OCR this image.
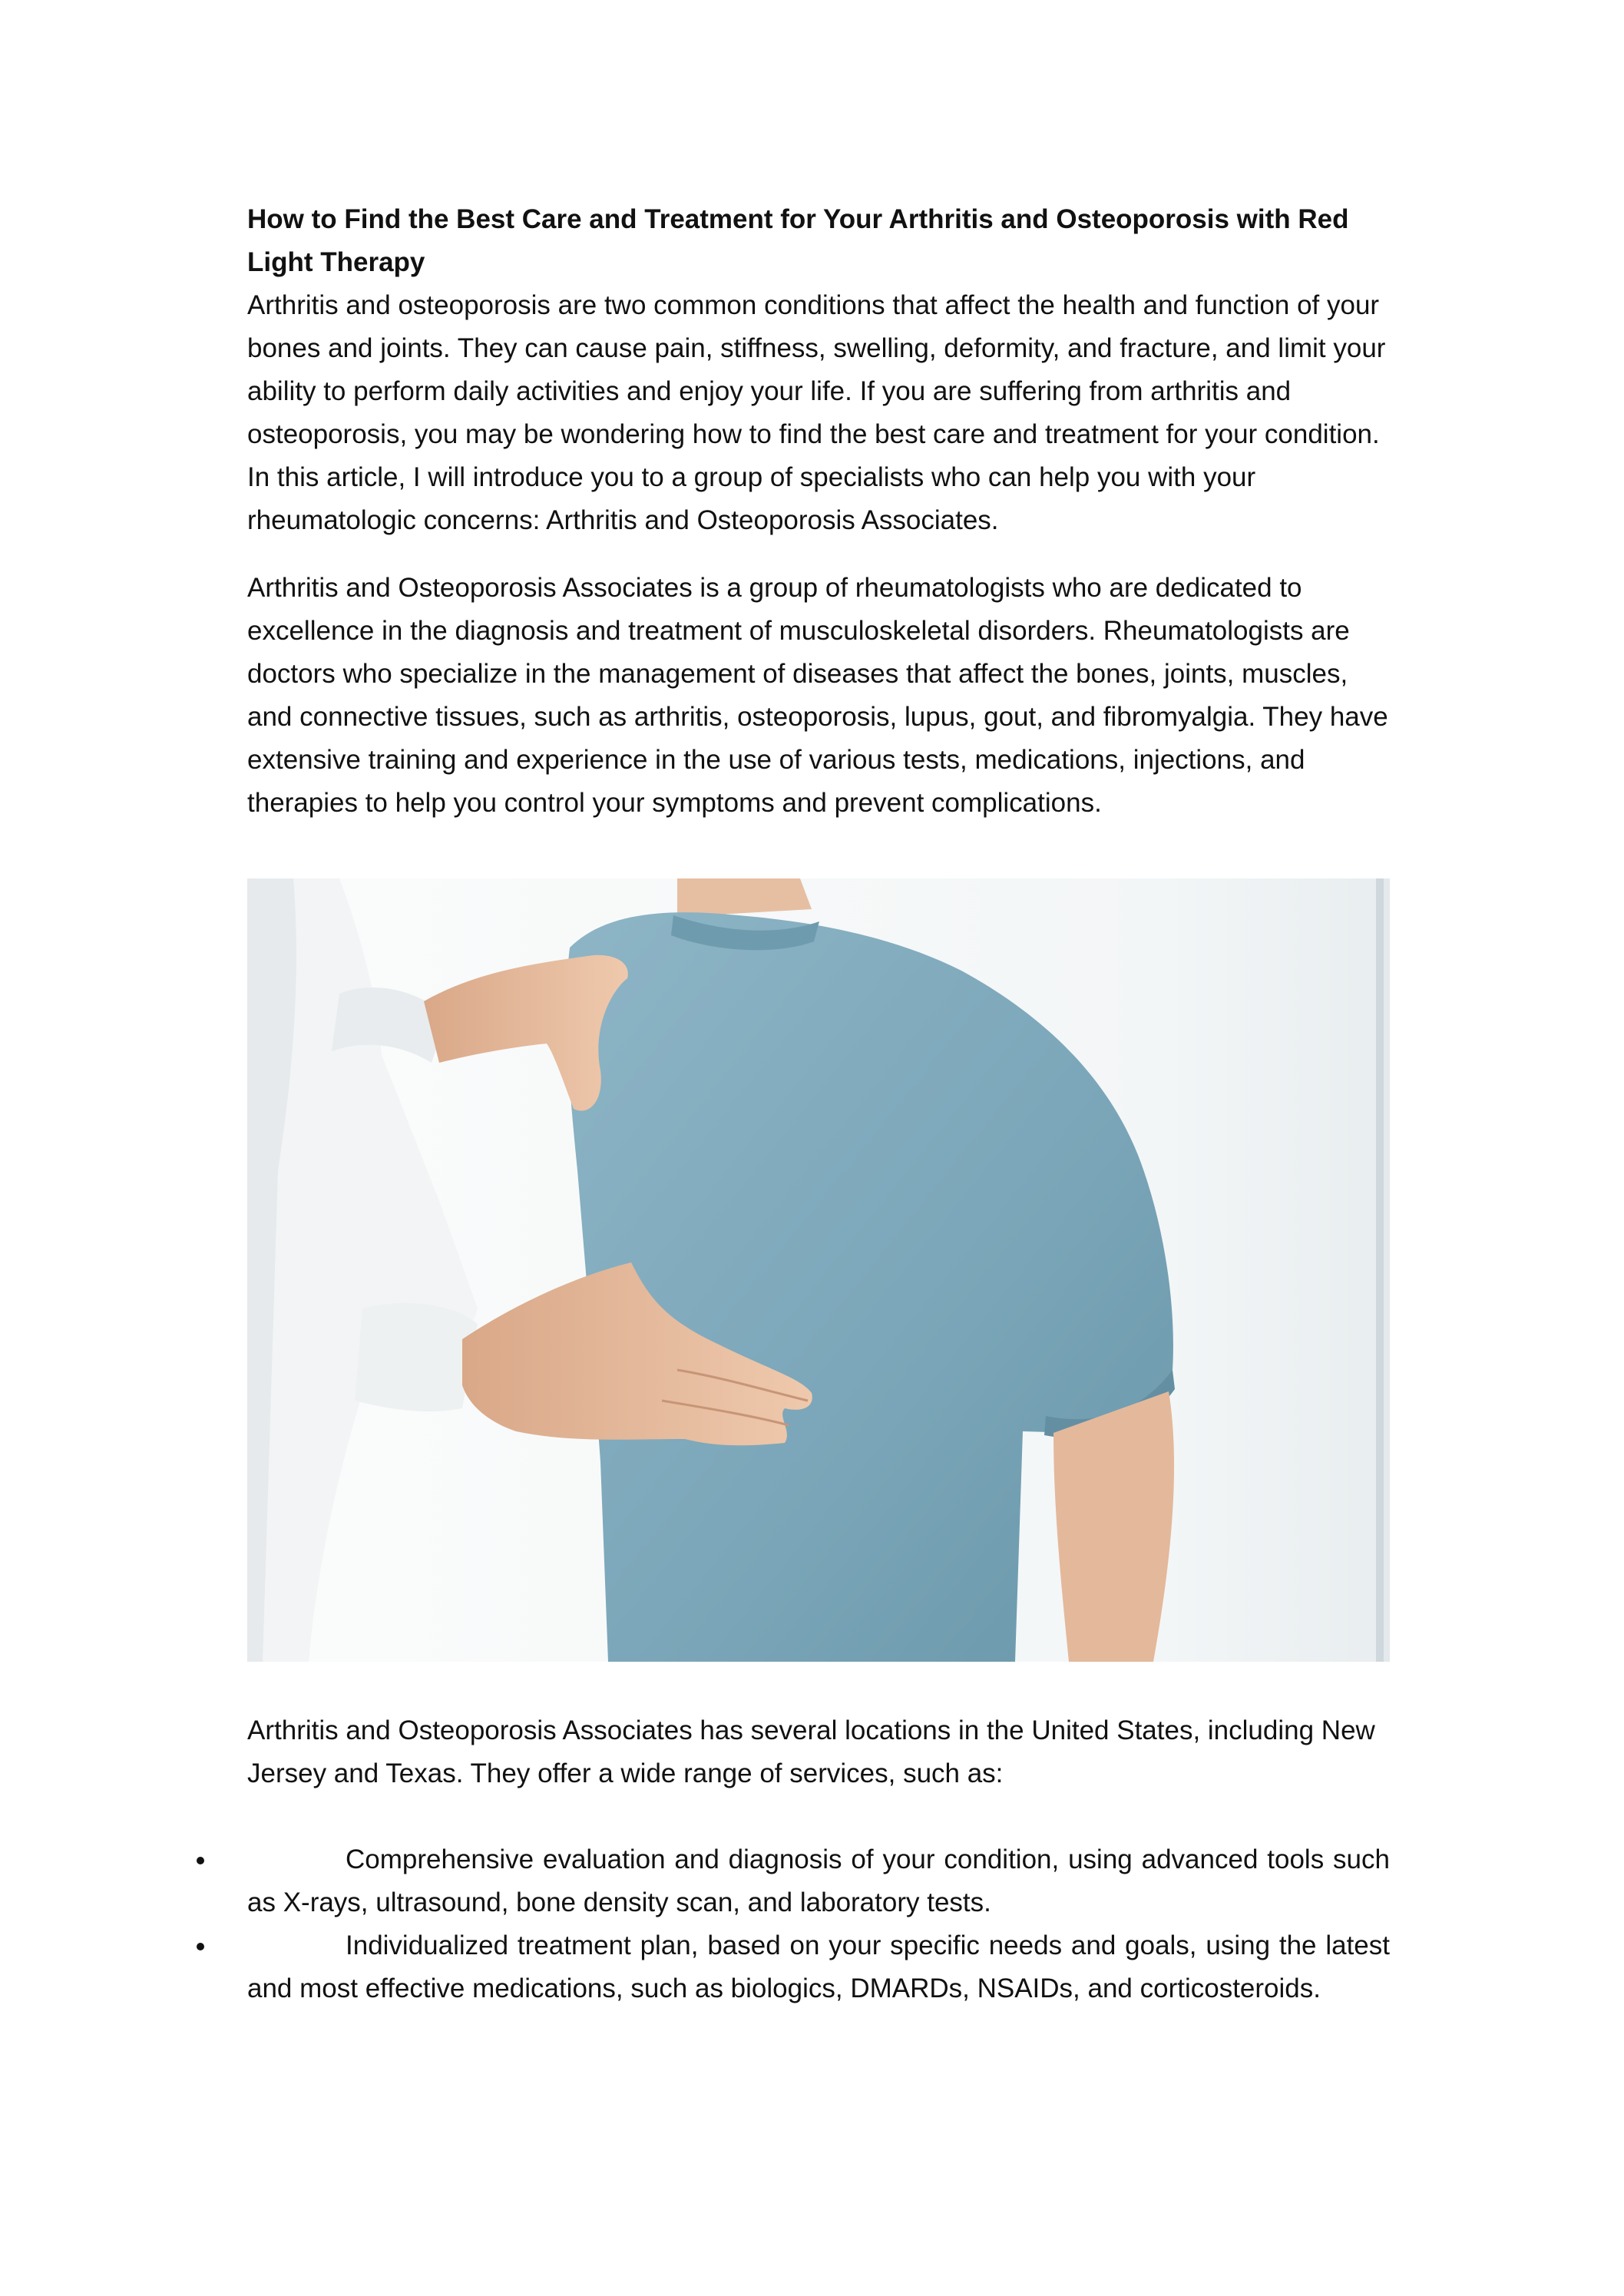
How to Find the Best Care and Treatment for Your Arthritis and Osteoporosis with Red Light Therapy

Arthritis and osteoporosis are two common conditions that affect the health and function of your bones and joints. They can cause pain, stiffness, swelling, deformity, and fracture, and limit your ability to perform daily activities and enjoy your life. If you are suffering from arthritis and osteoporosis, you may be wondering how to find the best care and treatment for your condition. In this article, I will introduce you to a group of specialists who can help you with your rheumatologic concerns: Arthritis and Osteoporosis Associates.

Arthritis and Osteoporosis Associates is a group of rheumatologists who are dedicated to excellence in the diagnosis and treatment of musculoskeletal disorders. Rheumatologists are doctors who specialize in the management of diseases that affect the bones, joints, muscles, and connective tissues, such as arthritis, osteoporosis, lupus, gout, and fibromyalgia. They have extensive training and experience in the use of various tests, medications, injections, and therapies to help you control your symptoms and prevent complications.

Arthritis and Osteoporosis Associates has several locations in the United States, including New Jersey and Texas. They offer a wide range of services, such as:

Comprehensive evaluation and diagnosis of your condition, using advanced tools such as X-rays, ultrasound, bone density scan, and laboratory tests.
Individualized treatment plan, based on your specific needs and goals, using the latest and most effective medications, such as biologics, DMARDs, NSAIDs, and corticosteroids.
